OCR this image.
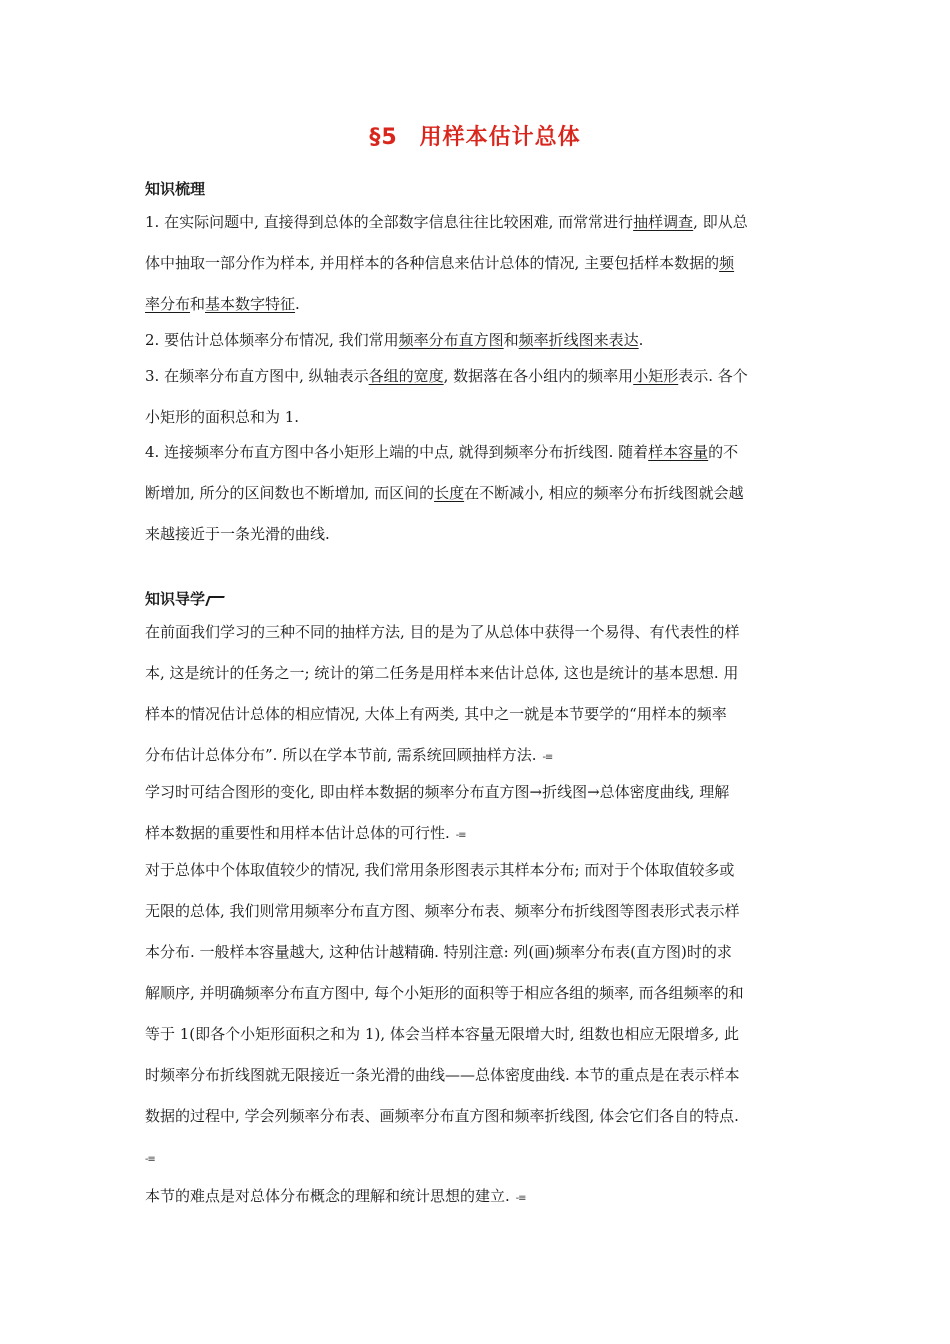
§5 用样本估计总体
知识梳理
1. 在实际问题中, 直接得到总体的全部数字信息往往比较困难, 而常常进行抽样调查, 即从总
体中抽取一部分作为样本, 并用样本的各种信息来估计总体的情况, 主要包括样本数据的频
率分布和基本数字特征.
2. 要估计总体频率分布情况, 我们常用频率分布直方图和频率折线图来表达.
3. 在频率分布直方图中, 纵轴表示各组的宽度, 数据落在各小组内的频率用小矩形表示. 各个
小矩形的面积总和为 1.
4. 连接频率分布直方图中各小矩形上端的中点, 就得到频率分布折线图. 随着样本容量的不
断增加, 所分的区间数也不断增加, 而区间的长度在不断减小, 相应的频率分布折线图就会越
来越接近于一条光滑的曲线.
知识导学
在前面我们学习的三种不同的抽样方法, 目的是为了从总体中获得一个易得、有代表性的样
本, 这是统计的任务之一; 统计的第二任务是用样本来估计总体, 这也是统计的基本思想. 用
样本的情况估计总体的相应情况, 大体上有两类, 其中之一就是本节要学的“用样本的频率
分布估计总体分布”. 所以在学本节前, 需系统回顾抽样方法. -≡
学习时可结合图形的变化, 即由样本数据的频率分布直方图→折线图→总体密度曲线, 理解
样本数据的重要性和用样本估计总体的可行性. -≡
对于总体中个体取值较少的情况, 我们常用条形图表示其样本分布; 而对于个体取值较多或
无限的总体, 我们则常用频率分布直方图、频率分布表、频率分布折线图等图表形式表示样
本分布. 一般样本容量越大, 这种估计越精确. 特别注意: 列(画)频率分布表(直方图)时的求
解顺序, 并明确频率分布直方图中, 每个小矩形的面积等于相应各组的频率, 而各组频率的和
等于 1(即各个小矩形面积之和为 1), 体会当样本容量无限增大时, 组数也相应无限增多, 此
时频率分布折线图就无限接近一条光滑的曲线——总体密度曲线. 本节的重点是在表示样本
数据的过程中, 学会列频率分布表、画频率分布直方图和频率折线图, 体会它们各自的特点.
-≡
本节的难点是对总体分布概念的理解和统计思想的建立. -≡
